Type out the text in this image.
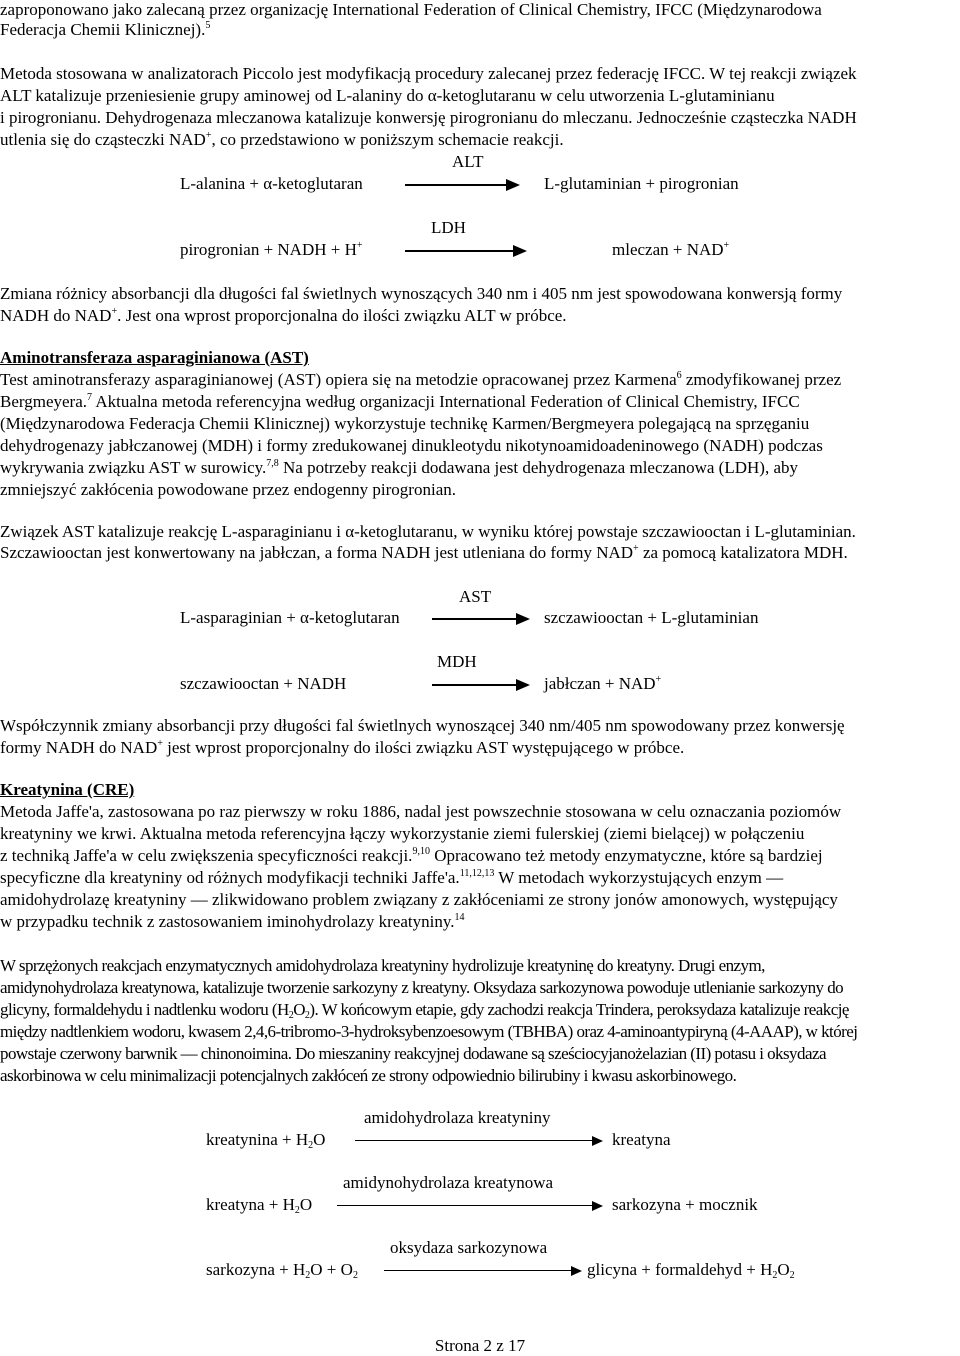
zaproponowano jako zalecaną przez organizację International Federation of Clinical Chemistry, IFCC (Międzynarodowa
Federacja Chemii Klinicznej).$^5$
Metoda stosowana w analizatorach Piccolo jest modyfikacją procedury zalecanej przez federację IFCC. W tej reakcji związek
ALT katalizuje przeniesienie grupy aminowej od L-alaniny do α-ketoglutaranu w celu utworzenia L-glutaminianu
i pirogronianu. Dehydrogenaza mleczanowa katalizuje konwersję pirogronianu do mleczanu. Jednocześnie cząsteczka NADH
utlenia się do cząsteczki NAD+, co przedstawiono w poniższym schemacie reakcji.
ALT
L-alanina + α-ketoglutaran	L-glutaminian + pirogronian
LDH
pirogronian + NADH + H+	mleczan + NAD+
Zmiana różnicy absorbancji dla długości fal świetlnych wynoszących 340 nm i 405 nm jest spowodowana konwersją formy
NADH do NAD+. Jest ona wprost proporcjonalna do ilości związku ALT w próbce.
Aminotransferaza asparaginianowa (AST)
Test aminotransferazy asparaginianowej (AST) opiera się na metodzie opracowanej przez Karmena$^6$ zmodyfikowanej przez
Bergmeyera.$^7$ Aktualna metoda referencyjna według organizacji International Federation of Clinical Chemistry, IFCC
(Międzynarodowa Federacja Chemii Klinicznej) wykorzystuje technikę Karmen/Bergmeyera polegającą na sprzęganiu
dehydrogenazy jabłczanowej (MDH) i formy zredukowanej dinukleotydu nikotynoamidoadeninowego (NADH) podczas
wykrywania związku AST w surowicy.$^{7,8}$ Na potrzeby reakcji dodawana jest dehydrogenaza mleczanowa (LDH), aby
zmniejszyć zakłócenia powodowane przez endogenny pirogronian.
Związek AST katalizuje reakcję L-asparaginianu i α-ketoglutaranu, w wyniku której powstaje szczawiooctan i L-glutaminian.
Szczawiooctan jest konwertowany na jabłczan, a forma NADH jest utleniana do formy NAD+ za pomocą katalizatora MDH.
AST
L-asparaginian + α-ketoglutaran	szczawiooctan + L-glutaminian
MDH
szczawiooctan + NADH	jabłczan + NAD+
Współczynnik zmiany absorbancji przy długości fal świetlnych wynoszącej 340 nm/405 nm spowodowany przez konwersję
formy NADH do NAD+ jest wprost proporcjonalny do ilości związku AST występującego w próbce.
Kreatynina (CRE)
Metoda Jaffe'a, zastosowana po raz pierwszy w roku 1886, nadal jest powszechnie stosowana w celu oznaczania poziomów
kreatyniny we krwi. Aktualna metoda referencyjna łączy wykorzystanie ziemi fulerskiej (ziemi bielącej) w połączeniu
z techniką Jaffe'a w celu zwiększenia specyficzności reakcji.$^{9,10}$ Opracowano też metody enzymatyczne, które są bardziej
specyficzne dla kreatyniny od różnych modyfikacji techniki Jaffe'a.$^{11,12,13}$ W metodach wykorzystujących enzym —
amidohydrolazę kreatyniny — zlikwidowano problem związany z zakłóceniami ze strony jonów amonowych, występujący
w przypadku technik z zastosowaniem iminohydrolazy kreatyniny.$^{14}$
W sprzężonych reakcjach enzymatycznych amidohydrolaza kreatyniny hydrolizuje kreatyninę do kreatyny. Drugi enzym,
amidynohydrolaza kreatynowa, katalizuje tworzenie sarkozyny z kreatyny. Oksydaza sarkozynowa powoduje utlenianie sarkozyny do
glicyny, formaldehydu i nadtlenku wodoru $(H_2O_2)$. W końcowym etapie, gdy zachodzi reakcja Trindera, peroksydaza katalizuje reakcję
między nadtlenkiem wodoru, kwasem 2,4,6-tribromo-3-hydroksybenzoesowym (TBHBA) oraz 4-aminoantypiryną (4-AAAP), w której
powstaje czerwony barwnik — chinonoimina. Do mieszaniny reakcyjnej dodawane są sześciocyjanożelazian (II) potasu i oksydaza
askorbinowa w celu minimalizacji potencjalnych zakłóceń ze strony odpowiednio bilirubiny i kwasu askorbinowego.
amidohydrolaza kreatyniny
kreatynina + $H_2O$	kreatyna
amidynohydrolaza kreatynowa
kreatyna + $H_2O$	sarkozyna + mocznik
oksydaza sarkozynowa
sarkozyna + $H_2O + O_2$	glicyna + formaldehyd + $H_2O_2$
Strona 2 z 17
